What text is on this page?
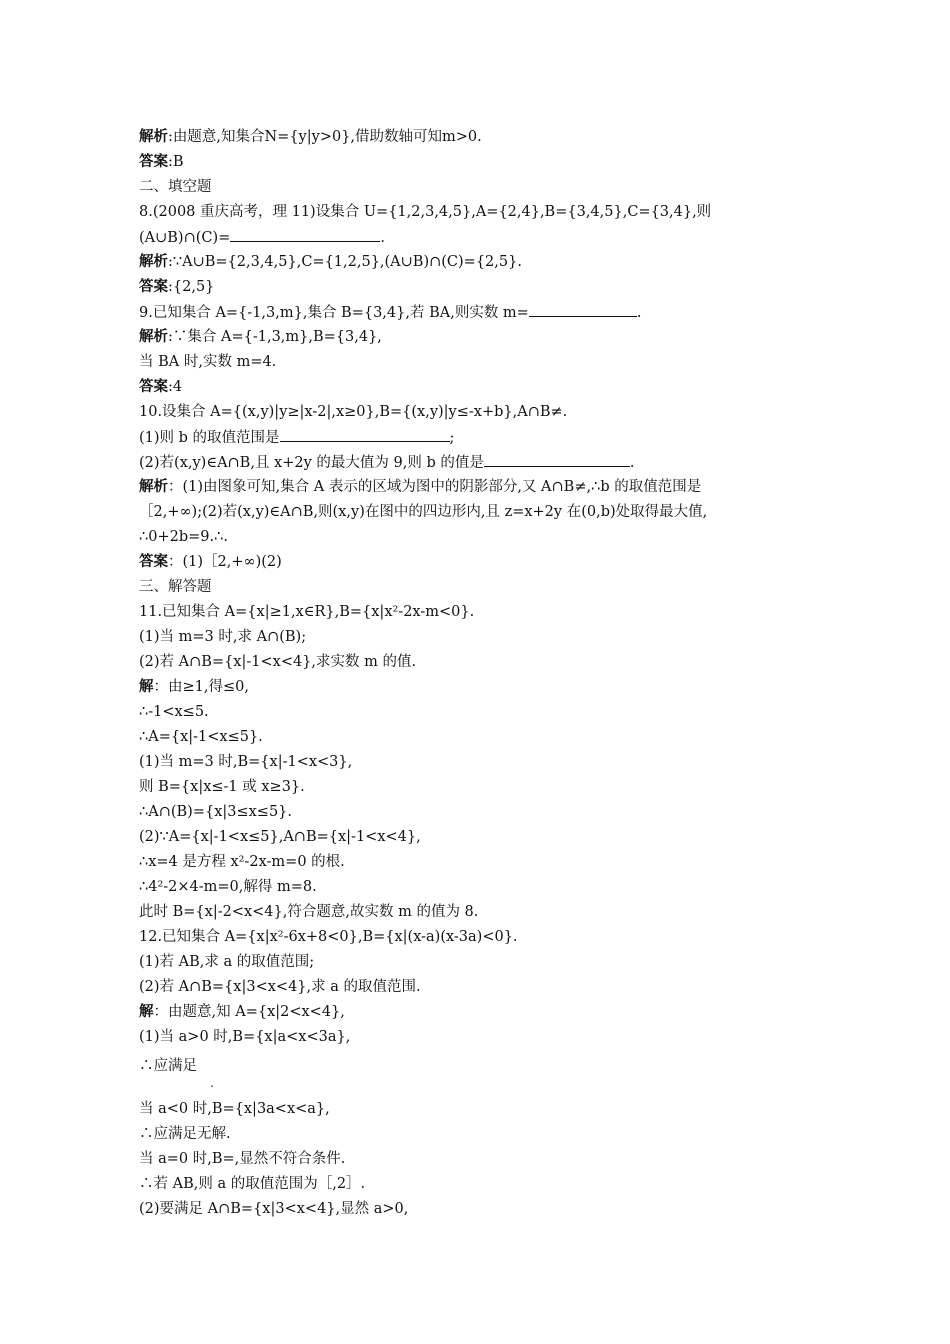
解析:由题意,知集合N={y|y>0},借助数轴可知m>0.
答案:B
二、填空题
8.(2008 重庆高考，理 11)设集合 U={1,2,3,4,5},A={2,4},B={3,4,5},C={3,4},则
(A∪B)∩(C)=	.
解析:∵A∪B={2,3,4,5},C={1,2,5},(A∪B)∩(C)={2,5}.
答案:{2,5}
9.已知集合 A={-1,3,m},集合 B={3,4},若 BA,则实数 m=	.
解析:∵集合 A={-1,3,m},B={3,4},
当 BA 时,实数 m=4.
答案:4
10.设集合 A={(x,y)|y≥|x-2|,x≥0},B={(x,y)|y≤-x+b},A∩B≠.
(1)则 b 的取值范围是	;
(2)若(x,y)∈A∩B,且 x+2y 的最大值为 9,则 b 的值是	.
解析：(1)由图象可知,集合 A 表示的区域为图中的阴影部分,又 A∩B≠,∴b 的取值范围是
［2,+∞);(2)若(x,y)∈A∩B,则(x,y)在图中的四边形内,且 z=x+2y 在(0,b)处取得最大值,
∴0+2b=9.∴.
答案：(1)［2,+∞)(2)
三、解答题
11.已知集合 A={x|≥1,x∈R},B={x|x²-2x-m<0}.
(1)当 m=3 时,求 A∩(B);
(2)若 A∩B={x|-1<x<4},求实数 m 的值.
解：由≥1,得≤0,
∴-1<x≤5.
∴A={x|-1<x≤5}.
(1)当 m=3 时,B={x|-1<x<3},
则 B={x|x≤-1 或 x≥3}.
∴A∩(B)={x|3≤x≤5}.
(2)∵A={x|-1<x≤5},A∩B={x|-1<x<4},
∴x=4 是方程 x²-2x-m=0 的根.
∴4²-2×4-m=0,解得 m=8.
此时 B={x|-2<x<4},符合题意,故实数 m 的值为 8.
12.已知集合 A={x|x²-6x+8<0},B={x|(x-a)(x-3a)<0}.
(1)若 AB,求 a 的取值范围;
(2)若 A∩B={x|3<x<4},求 a 的取值范围.
解：由题意,知 A={x|2<x<4},
(1)当 a>0 时,B={x|a<x<3a},
∴应满足
.
当 a<0 时,B={x|3a<x<a},
∴应满足无解.
当 a=0 时,B=,显然不符合条件.
∴若 AB,则 a 的取值范围为［,2］.
(2)要满足 A∩B={x|3<x<4},显然 a>0,
